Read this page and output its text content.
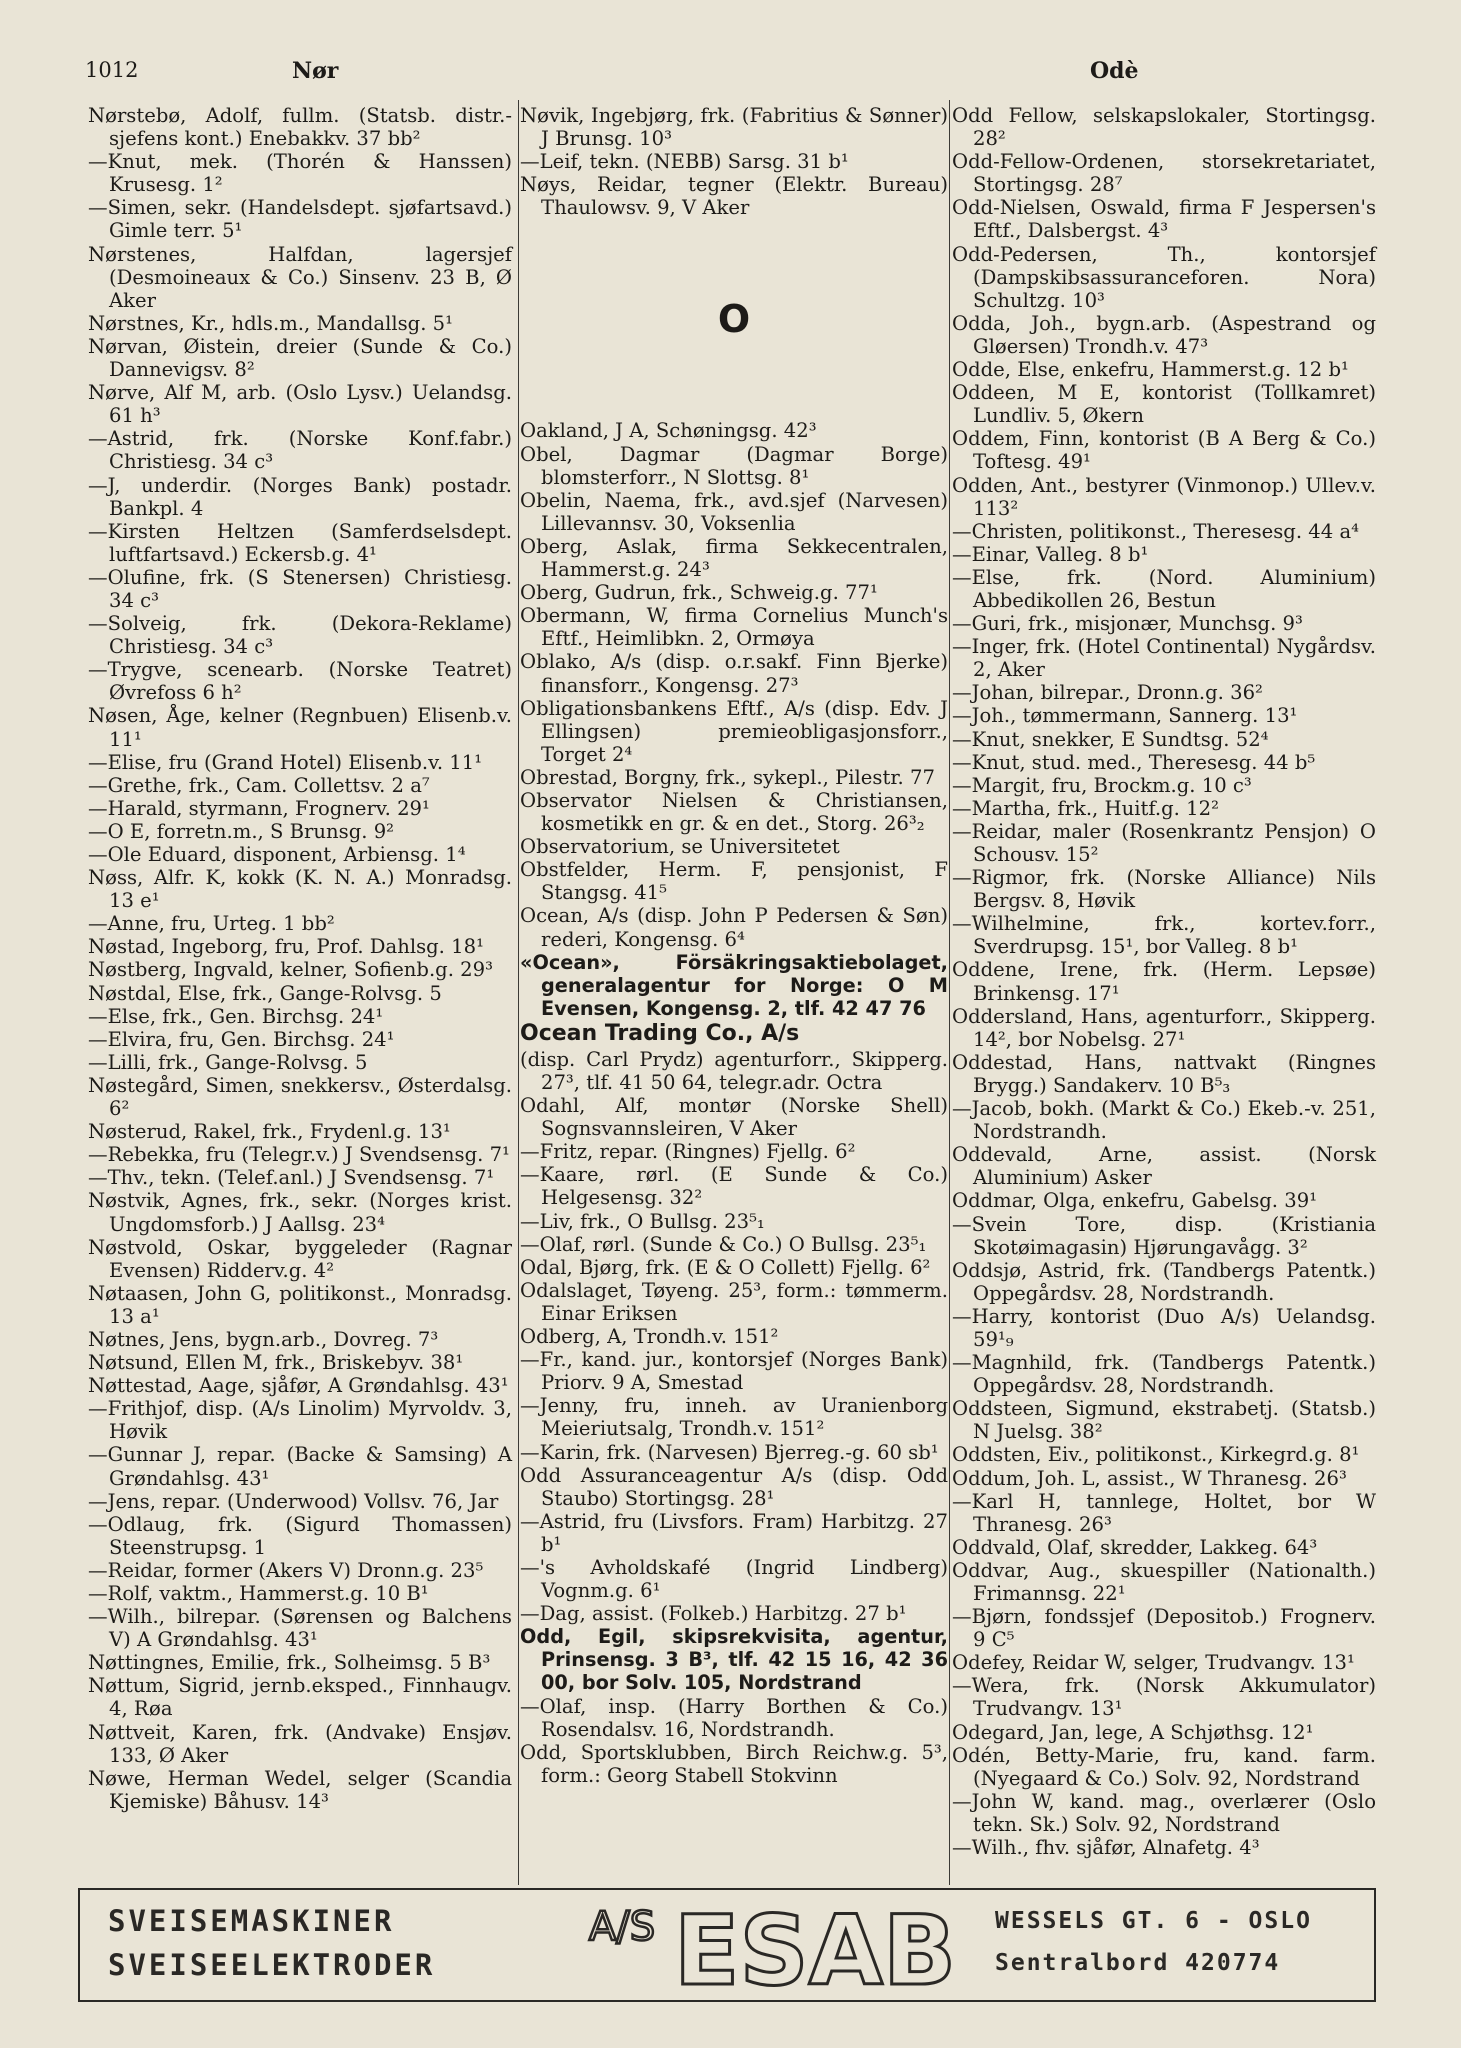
1012	Nør	Odè
Nørstebø, Adolf, fullm. (Statsb. distr.-sjefens kont.) Enebakkv. 37 bb²
—Knut, mek. (Thorén & Hanssen) Krusesg. 1²
—Simen, sekr. (Handelsdept. sjøfartsavd.) Gimle terr. 5¹
Nørstenes, Halfdan, lagersjef (Desmoineaux & Co.) Sinsenv. 23 B, Ø Aker
Nørstnes, Kr., hdls.m., Mandallsg. 5¹
Nørvan, Øistein, dreier (Sunde & Co.) Dannevigsv. 8²
Nørve, Alf M, arb. (Oslo Lysv.) Uelandsg. 61 h³
—Astrid, frk. (Norske Konf.fabr.) Christiesg. 34 c³
—J, underdir. (Norges Bank) postadr. Bankpl. 4
—Kirsten Heltzen (Samferdselsdept. luftfartsavd.) Eckersb.g. 4¹
—Olufine, frk. (S Stenersen) Christiesg. 34 c³
—Solveig, frk. (Dekora-Reklame) Christiesg. 34 c³
—Trygve, scenearb. (Norske Teatret) Øvrefoss 6 h²
Nøsen, Åge, kelner (Regnbuen) Elisenb.v. 11¹
—Elise, fru (Grand Hotel) Elisenb.v. 11¹
—Grethe, frk., Cam. Collettsv. 2 a⁷
—Harald, styrmann, Frognerv. 29¹
—O E, forretn.m., S Brunsg. 9²
—Ole Eduard, disponent, Arbiensg. 1⁴
Nøss, Alfr. K, kokk (K. N. A.) Monradsg. 13 e¹
—Anne, fru, Urteg. 1 bb²
Nøstad, Ingeborg, fru, Prof. Dahlsg. 18¹
Nøstberg, Ingvald, kelner, Sofienb.g. 29³
Nøstdal, Else, frk., Gange-Rolvsg. 5
—Else, frk., Gen. Birchsg. 24¹
—Elvira, fru, Gen. Birchsg. 24¹
—Lilli, frk., Gange-Rolvsg. 5
Nøstegård, Simen, snekkersv., Østerdalsg. 6²
Nøsterud, Rakel, frk., Frydenl.g. 13¹
—Rebekka, fru (Telegr.v.) J Svendsensg. 7¹
—Thv., tekn. (Telef.anl.) J Svendsensg. 7¹
Nøstvik, Agnes, frk., sekr. (Norges krist. Ungdomsforb.) J Aallsg. 23⁴
Nøstvold, Oskar, byggeleder (Ragnar Evensen) Ridderv.g. 4²
Nøtaasen, John G, politikonst., Monradsg. 13 a¹
Nøtnes, Jens, bygn.arb., Dovreg. 7³
Nøtsund, Ellen M, frk., Briskebyv. 38¹
Nøttestad, Aage, sjåfør, A Grøndahlsg. 43¹
—Frithjof, disp. (A/s Linolim) Myrvoldv. 3, Høvik
—Gunnar J, repar. (Backe & Samsing) A Grøndahlsg. 43¹
—Jens, repar. (Underwood) Vollsv. 76, Jar
—Odlaug, frk. (Sigurd Thomassen) Steenstrupsg. 1
—Reidar, former (Akers V) Dronn.g. 23⁵
—Rolf, vaktm., Hammerst.g. 10 B¹
—Wilh., bilrepar. (Sørensen og Balchens V) A Grøndahlsg. 43¹
Nøttingnes, Emilie, frk., Solheimsg. 5 B³
Nøttum, Sigrid, jernb.eksped., Finnhaugv. 4, Røa
Nøttveit, Karen, frk. (Andvake) Ensjøv. 133, Ø Aker
Nøwe, Herman Wedel, selger (Scandia Kjemiske) Båhusv. 14³
Nøvik, Ingebjørg, frk. (Fabritius & Sønner) J Brunsg. 10³
—Leif, tekn. (NEBB) Sarsg. 31 b¹
Nøys, Reidar, tegner (Elektr. Bureau) Thaulowsv. 9, V Aker
O
Oakland, J A, Schøningsg. 42³
Obel, Dagmar (Dagmar Borge) blomsterforr., N Slottsg. 8¹
Obelin, Naema, frk., avd.sjef (Narvesen) Lillevannsv. 30, Voksenlia
Oberg, Aslak, firma Sekkecentralen, Hammerst.g. 24³
Oberg, Gudrun, frk., Schweig.g. 77¹
Obermann, W, firma Cornelius Munch's Eftf., Heimlibkn. 2, Ormøya
Oblako, A/s (disp. o.r.sakf. Finn Bjerke) finansforr., Kongensg. 27³
Obligationsbankens Eftf., A/s (disp. Edv. J Ellingsen) premieobligasjonsforr., Torget 2⁴
Obrestad, Borgny, frk., sykepl., Pilestr. 77
Observator Nielsen & Christiansen, kosmetikk en gr. & en det., Storg. 26³₂
Observatorium, se Universitetet
Obstfelder, Herm. F, pensjonist, F Stangsg. 41⁵
Ocean, A/s (disp. John P Pedersen & Søn) rederi, Kongensg. 6⁴
«Ocean», Försäkringsaktiebolaget, generalagentur for Norge: O M Evensen, Kongensg. 2, tlf. 42 47 76
Ocean Trading Co., A/s
(disp. Carl Prydz) agenturforr., Skipperg. 27³, tlf. 41 50 64, telegr.adr. Octra
Odahl, Alf, montør (Norske Shell) Sognsvannsleiren, V Aker
—Fritz, repar. (Ringnes) Fjellg. 6²
—Kaare, rørl. (E Sunde & Co.) Helgesensg. 32²
—Liv, frk., O Bullsg. 23⁵₁
—Olaf, rørl. (Sunde & Co.) O Bullsg. 23⁵₁
Odal, Bjørg, frk. (E & O Collett) Fjellg. 6²
Odalslaget, Tøyeng. 25³, form.: tømmerm. Einar Eriksen
Odberg, A, Trondh.v. 151²
—Fr., kand. jur., kontorsjef (Norges Bank) Priorv. 9 A, Smestad
—Jenny, fru, inneh. av Uranienborg Meieriutsalg, Trondh.v. 151²
—Karin, frk. (Narvesen) Bjerreg.-g. 60 sb¹
Odd Assuranceagentur A/s (disp. Odd Staubo) Stortingsg. 28¹
—Astrid, fru (Livsfors. Fram) Harbitzg. 27 b¹
—'s Avholdskafé (Ingrid Lindberg) Vognm.g. 6¹
—Dag, assist. (Folkeb.) Harbitzg. 27 b¹
Odd, Egil, skipsrekvisita, agentur, Prinsensg. 3 B³, tlf. 42 15 16, 42 36 00, bor Solv. 105, Nordstrand
—Olaf, insp. (Harry Borthen & Co.) Rosendalsv. 16, Nordstrandh.
Odd, Sportsklubben, Birch Reichw.g. 5³, form.: Georg Stabell Stokvinn
Odd Fellow, selskapslokaler, Stortingsg. 28²
Odd-Fellow-Ordenen, storsekretariatet, Stortingsg. 28⁷
Odd-Nielsen, Oswald, firma F Jespersen's Eftf., Dalsbergst. 4³
Odd-Pedersen, Th., kontorsjef (Dampskibsassuranceforen. Nora) Schultzg. 10³
Odda, Joh., bygn.arb. (Aspestrand og Gløersen) Trondh.v. 47³
Odde, Else, enkefru, Hammerst.g. 12 b¹
Oddeen, M E, kontorist (Tollkamret) Lundliv. 5, Økern
Oddem, Finn, kontorist (B A Berg & Co.) Toftesg. 49¹
Odden, Ant., bestyrer (Vinmonop.) Ullev.v. 113²
—Christen, politikonst., Theresesg. 44 a⁴
—Einar, Valleg. 8 b¹
—Else, frk. (Nord. Aluminium) Abbedikollen 26, Bestun
—Guri, frk., misjonær, Munchsg. 9³
—Inger, frk. (Hotel Continental) Nygårdsv. 2, Aker
—Johan, bilrepar., Dronn.g. 36²
—Joh., tømmermann, Sannerg. 13¹
—Knut, snekker, E Sundtsg. 52⁴
—Knut, stud. med., Theresesg. 44 b⁵
—Margit, fru, Brockm.g. 10 c³
—Martha, frk., Huitf.g. 12²
—Reidar, maler (Rosenkrantz Pensjon) O Schousv. 15²
—Rigmor, frk. (Norske Alliance) Nils Bergsv. 8, Høvik
—Wilhelmine, frk., kortev.forr., Sverdrupsg. 15¹, bor Valleg. 8 b¹
Oddene, Irene, frk. (Herm. Lepsøe) Brinkensg. 17¹
Oddersland, Hans, agenturforr., Skipperg. 14², bor Nobelsg. 27¹
Oddestad, Hans, nattvakt (Ringnes Brygg.) Sandakerv. 10 B⁵₃
—Jacob, bokh. (Markt & Co.) Ekeb.-v. 251, Nordstrandh.
Oddevald, Arne, assist. (Norsk Aluminium) Asker
Oddmar, Olga, enkefru, Gabelsg. 39¹
—Svein Tore, disp. (Kristiania Skotøimagasin) Hjørungavågg. 3²
Oddsjø, Astrid, frk. (Tandbergs Patentk.) Oppegårdsv. 28, Nordstrandh.
—Harry, kontorist (Duo A/s) Uelandsg. 59¹₉
—Magnhild, frk. (Tandbergs Patentk.) Oppegårdsv. 28, Nordstrandh.
Oddsteen, Sigmund, ekstrabetj. (Statsb.) N Juelsg. 38²
Oddsten, Eiv., politikonst., Kirkegrd.g. 8¹
Oddum, Joh. L, assist., W Thranesg. 26³
—Karl H, tannlege, Holtet, bor W Thranesg. 26³
Oddvald, Olaf, skredder, Lakkeg. 64³
Oddvar, Aug., skuespiller (Nationalth.) Frimannsg. 22¹
—Bjørn, fondssjef (Depositob.) Frognerv. 9 C⁵
Odefey, Reidar W, selger, Trudvangv. 13¹
—Wera, frk. (Norsk Akkumulator) Trudvangv. 13¹
Odegard, Jan, lege, A Schjøthsg. 12¹
Odén, Betty-Marie, fru, kand. farm. (Nyegaard & Co.) Solv. 92, Nordstrand
—John W, kand. mag., overlærer (Oslo tekn. Sk.) Solv. 92, Nordstrand
—Wilh., fhv. sjåfør, Alnafetg. 4³
SVEISEMASKINER
SVEISEELEKTRODER
A/S ESAB WESSELS GT. 6 - OSLO
Sentralbord 420774
